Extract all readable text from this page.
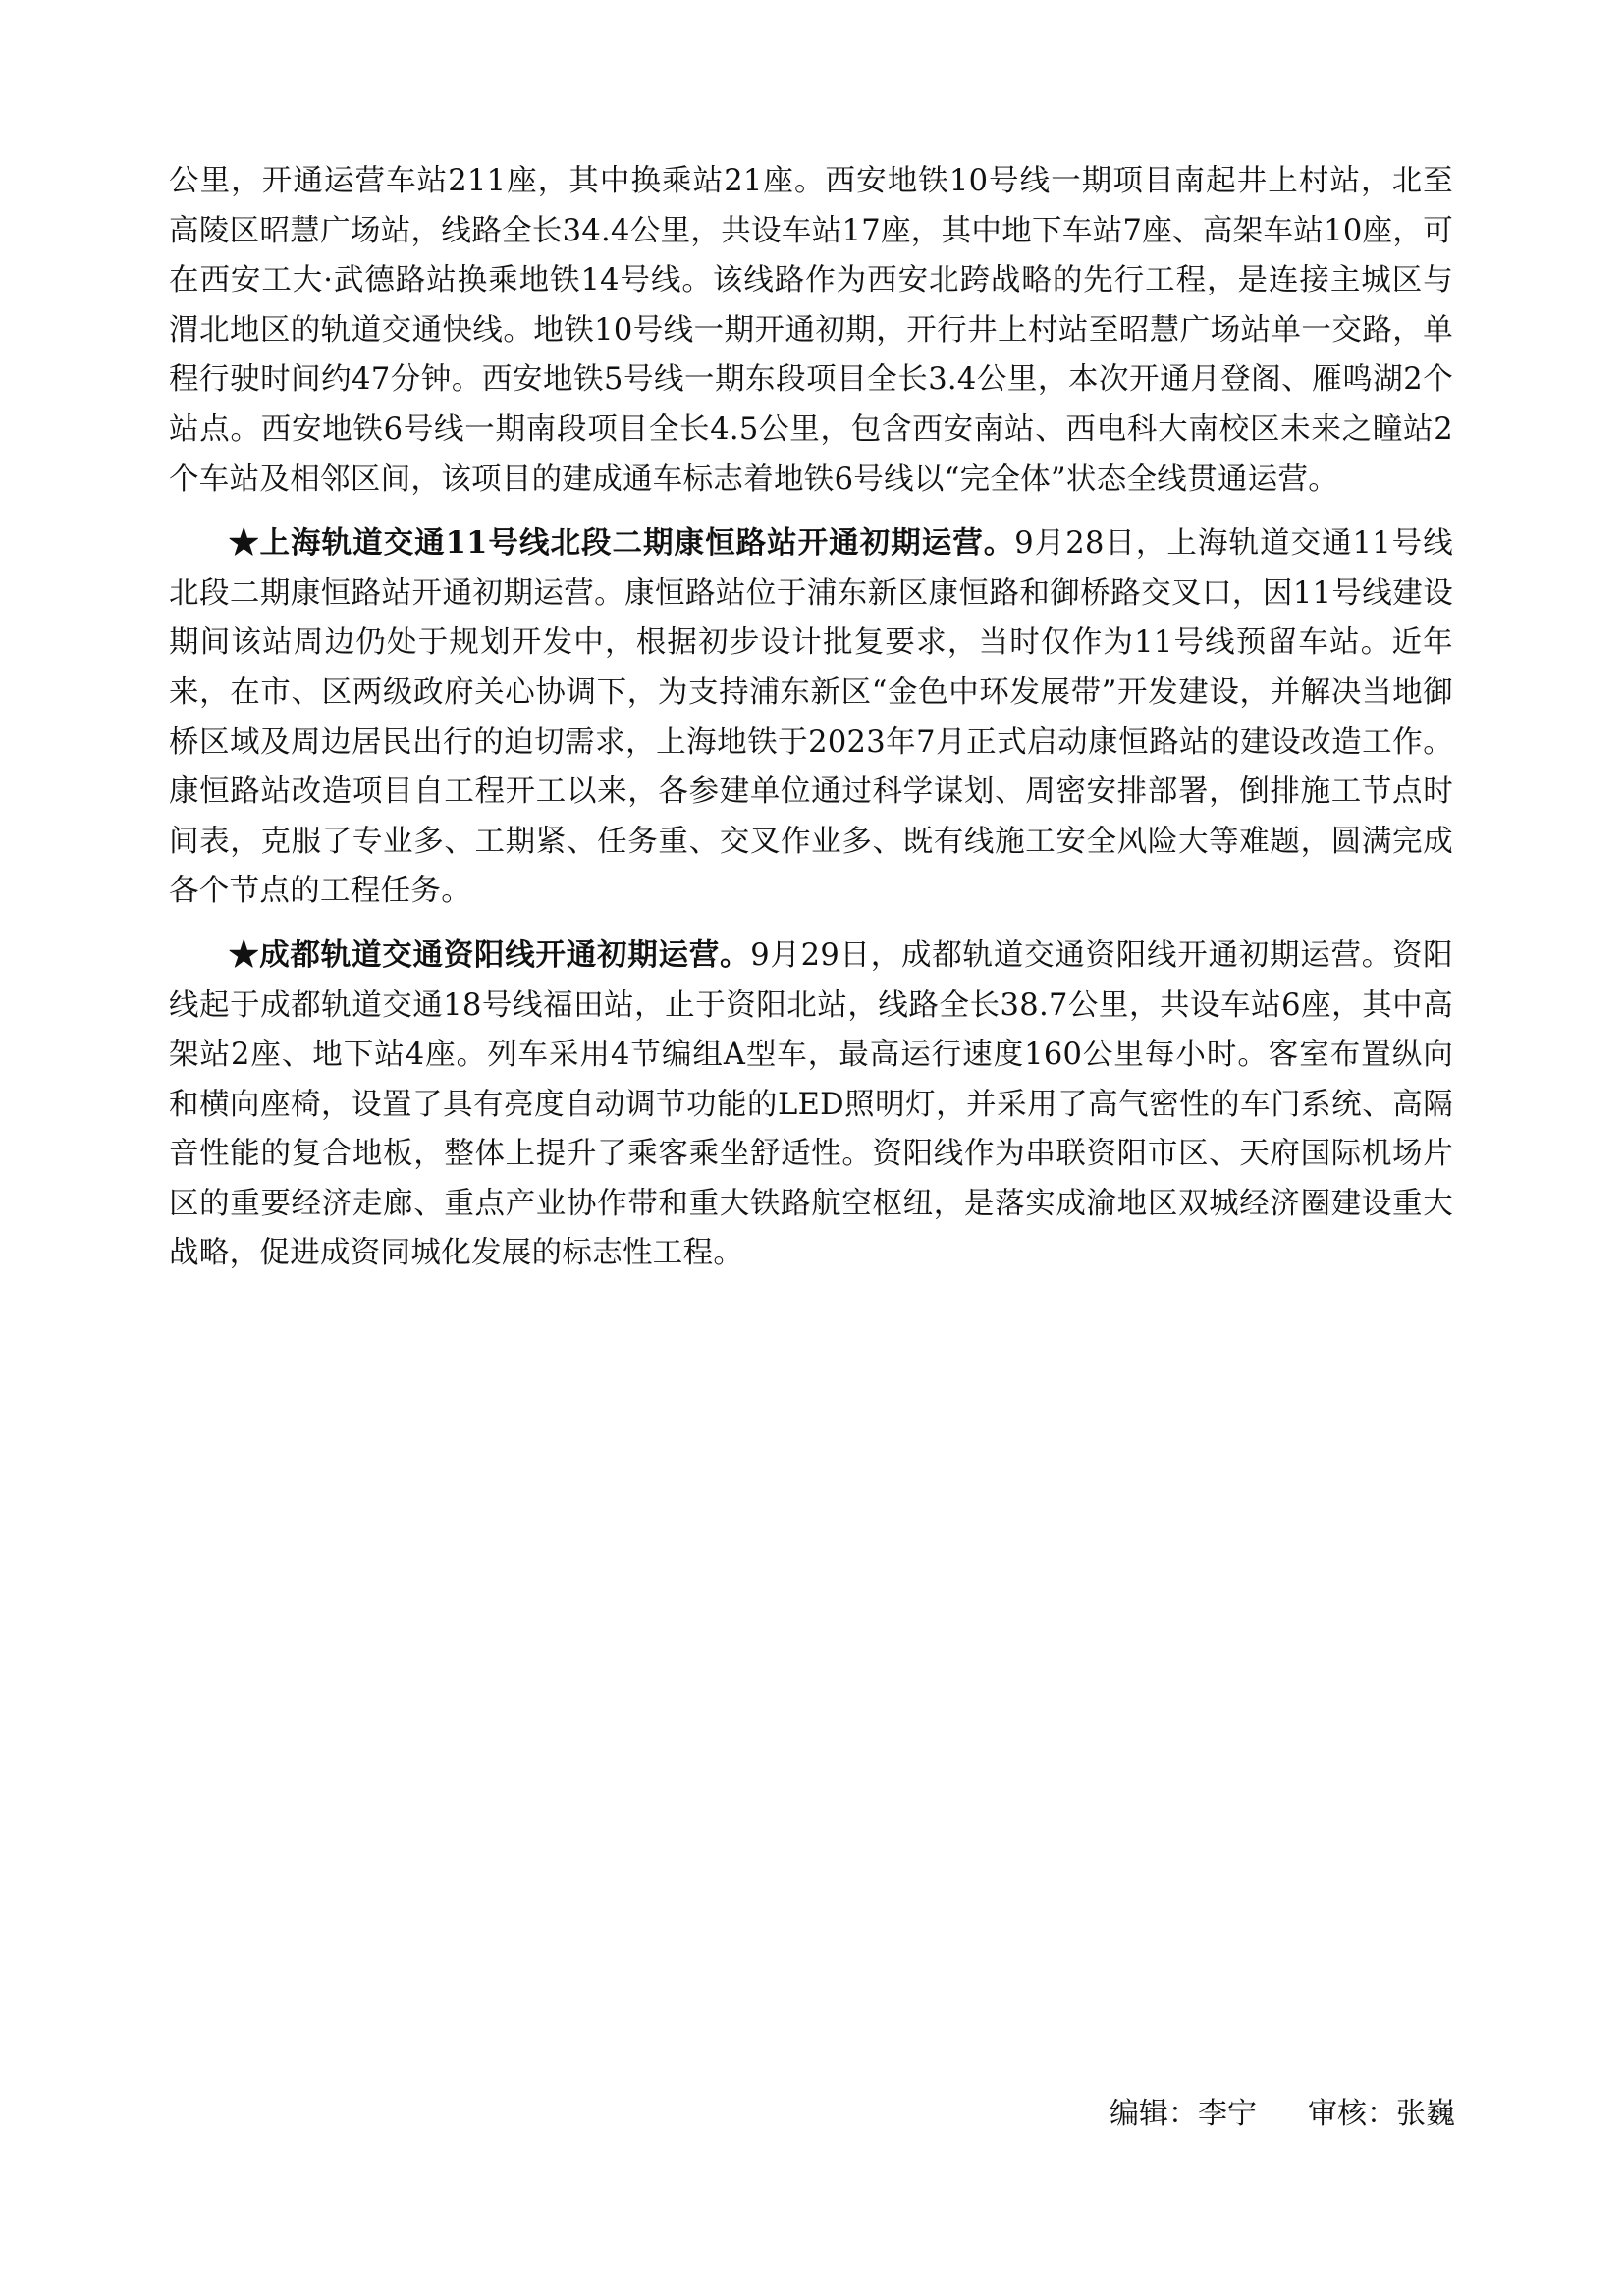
公里，开通运营车站211座，其中换乘站21座。西安地铁10号线一期项目南起井上村站，北至高陵区昭慧广场站，线路全长34.4公里，共设车站17座，其中地下车站7座、高架车站10座，可在西安工大·武德路站换乘地铁14号线。该线路作为西安北跨战略的先行工程，是连接主城区与渭北地区的轨道交通快线。地铁10号线一期开通初期，开行井上村站至昭慧广场站单一交路，单程行驶时间约47分钟。西安地铁5号线一期东段项目全长3.4公里，本次开通月登阁、雁鸣湖2个站点。西安地铁6号线一期南段项目全长4.5公里，包含西安南站、西电科大南校区未来之瞳站2个车站及相邻区间，该项目的建成通车标志着地铁6号线以“完全体”状态全线贯通运营。

★上海轨道交通11号线北段二期康恒路站开通初期运营。9月28日，上海轨道交通11号线北段二期康恒路站开通初期运营。康恒路站位于浦东新区康恒路和御桥路交叉口，因11号线建设期间该站周边仍处于规划开发中，根据初步设计批复要求，当时仅作为11号线预留车站。近年来，在市、区两级政府关心协调下，为支持浦东新区“金色中环发展带”开发建设，并解决当地御桥区域及周边居民出行的迫切需求，上海地铁于2023年7月正式启动康恒路站的建设改造工作。康恒路站改造项目自工程开工以来，各参建单位通过科学谋划、周密安排部署，倒排施工节点时间表，克服了专业多、工期紧、任务重、交叉作业多、既有线施工安全风险大等难题，圆满完成各个节点的工程任务。

★成都轨道交通资阳线开通初期运营。9月29日，成都轨道交通资阳线开通初期运营。资阳线起于成都轨道交通18号线福田站，止于资阳北站，线路全长38.7公里，共设车站6座，其中高架站2座、地下站4座。列车采用4节编组A型车，最高运行速度160公里每小时。客室布置纵向和横向座椅，设置了具有亮度自动调节功能的LED照明灯，并采用了高气密性的车门系统、高隔音性能的复合地板，整体上提升了乘客乘坐舒适性。资阳线作为串联资阳市区、天府国际机场片区的重要经济走廊、重点产业协作带和重大铁路航空枢纽，是落实成渝地区双城经济圈建设重大战略，促进成资同城化发展的标志性工程。

编辑：李宁 审核：张巍
